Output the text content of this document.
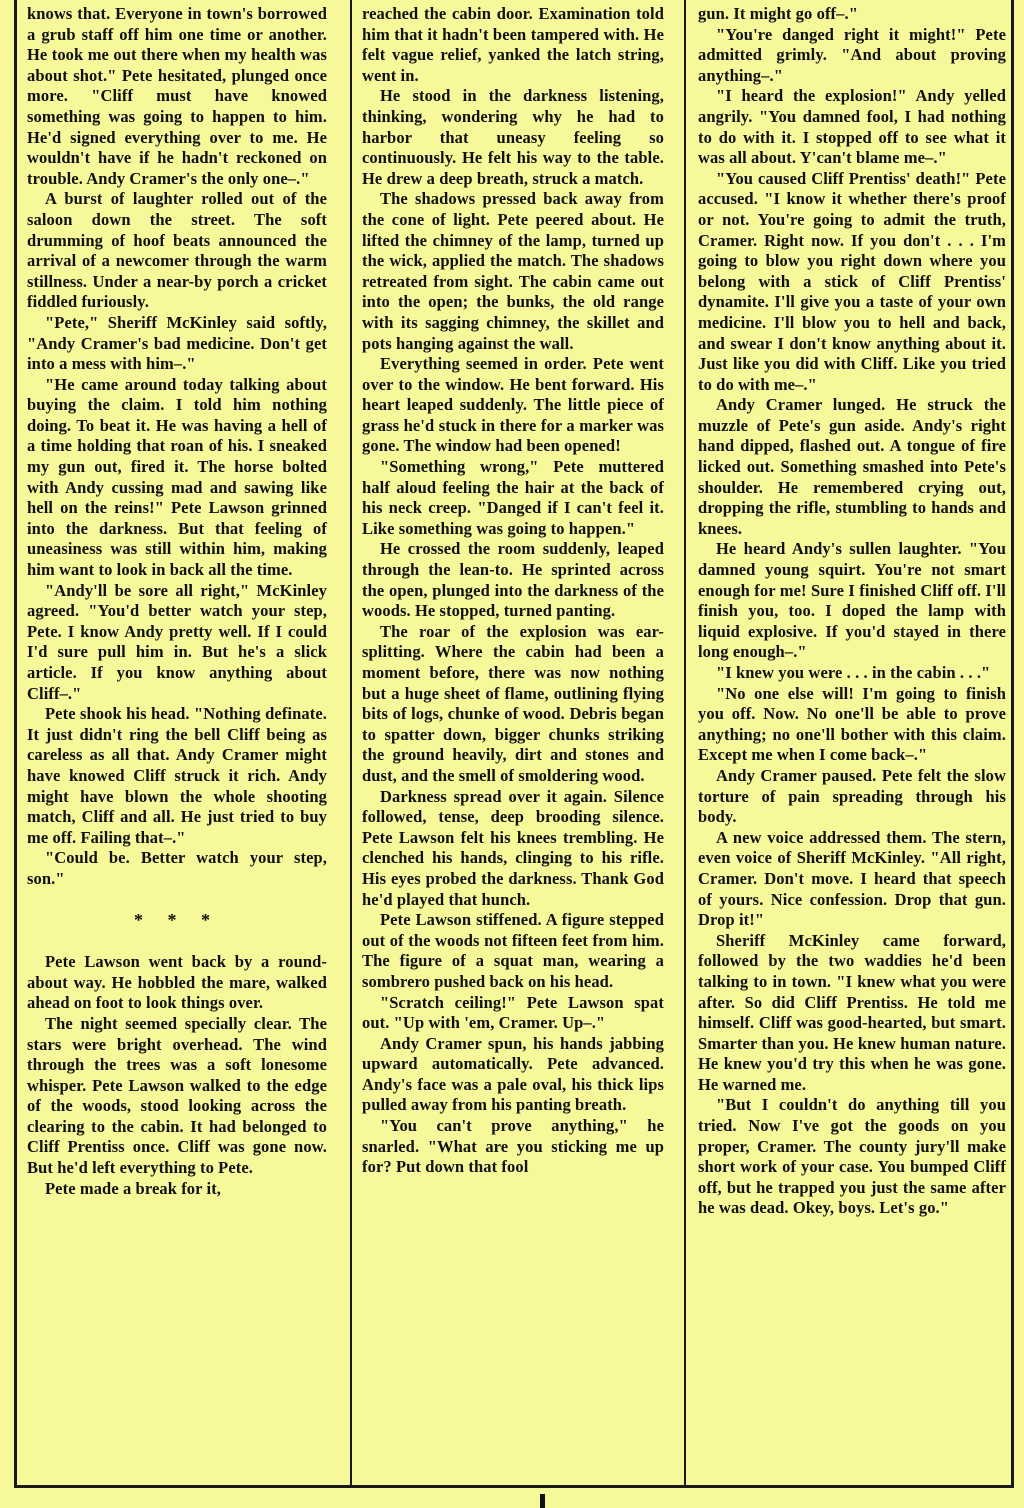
knows that. Everyone in town's borrowed a grub staff off him one time or another. He took me out there when my health was about shot." Pete hesitated, plunged once more. "Cliff must have knowed something was going to happen to him. He'd signed everything over to me. He wouldn't have if he hadn't reckoned on trouble. Andy Cramer's the only one–."

A burst of laughter rolled out of the saloon down the street. The soft drumming of hoof beats announced the arrival of a newcomer through the warm stillness. Under a near-by porch a cricket fiddled furiously.

"Pete," Sheriff McKinley said softly, "Andy Cramer's bad medicine. Don't get into a mess with him–."

"He came around today talking about buying the claim. I told him nothing doing. To beat it. He was having a hell of a time holding that roan of his. I sneaked my gun out, fired it. The horse bolted with Andy cussing mad and sawing like hell on the reins!" Pete Lawson grinned into the darkness. But that feeling of uneasiness was still within him, making him want to look in back all the time.

"Andy'll be sore all right," McKinley agreed. "You'd better watch your step, Pete. I know Andy pretty well. If I could I'd sure pull him in. But he's a slick article. If you know anything about Cliff–."

Pete shook his head. "Nothing definate. It just didn't ring the bell Cliff being as careless as all that. Andy Cramer might have knowed Cliff struck it rich. Andy might have blown the whole shooting match, Cliff and all. He just tried to buy me off. Failing that–."

"Could be. Better watch your step, son."

* * *

Pete Lawson went back by a round-about way. He hobbled the mare, walked ahead on foot to look things over.

The night seemed specially clear. The stars were bright overhead. The wind through the trees was a soft lonesome whisper. Pete Lawson walked to the edge of the woods, stood looking across the clearing to the cabin. It had belonged to Cliff Prentiss once. Cliff was gone now. But he'd left everything to Pete.

Pete made a break for it,

reached the cabin door. Examination told him that it hadn't been tampered with. He felt vague relief, yanked the latch string, went in.

He stood in the darkness listening, thinking, wondering why he had to harbor that uneasy feeling so continuously. He felt his way to the table. He drew a deep breath, struck a match.

The shadows pressed back away from the cone of light. Pete peered about. He lifted the chimney of the lamp, turned up the wick, applied the match. The shadows retreated from sight. The cabin came out into the open; the bunks, the old range with its sagging chimney, the skillet and pots hanging against the wall.

Everything seemed in order. Pete went over to the window. He bent forward. His heart leaped suddenly. The little piece of grass he'd stuck in there for a marker was gone. The window had been opened!

"Something wrong," Pete muttered half aloud feeling the hair at the back of his neck creep. "Danged if I can't feel it. Like something was going to happen."

He crossed the room suddenly, leaped through the lean-to. He sprinted across the open, plunged into the darkness of the woods. He stopped, turned panting.

The roar of the explosion was ear-splitting. Where the cabin had been a moment before, there was now nothing but a huge sheet of flame, outlining flying bits of logs, chunke of wood. Debris began to spatter down, bigger chunks striking the ground heavily, dirt and stones and dust, and the smell of smoldering wood.

Darkness spread over it again. Silence followed, tense, deep brooding silence. Pete Lawson felt his knees trembling. He clenched his hands, clinging to his rifle. His eyes probed the darkness. Thank God he'd played that hunch.

Pete Lawson stiffened. A figure stepped out of the woods not fifteen feet from him. The figure of a squat man, wearing a sombrero pushed back on his head.

"Scratch ceiling!" Pete Lawson spat out. "Up with 'em, Cramer. Up–."

Andy Cramer spun, his hands jabbing upward automatically. Pete advanced. Andy's face was a pale oval, his thick lips pulled away from his panting breath.

"You can't prove anything," he snarled. "What are you sticking me up for? Put down that fool

gun. It might go off–."

"You're danged right it might!" Pete admitted grimly. "And about proving anything–."

"I heard the explosion!" Andy yelled angrily. "You damned fool, I had nothing to do with it. I stopped off to see what it was all about. Y'can't blame me–."

"You caused Cliff Prentiss' death!" Pete accused. "I know it whether there's proof or not. You're going to admit the truth, Cramer. Right now. If you don't . . . I'm going to blow you right down where you belong with a stick of Cliff Prentiss' dynamite. I'll give you a taste of your own medicine. I'll blow you to hell and back, and swear I don't know anything about it. Just like you did with Cliff. Like you tried to do with me–."

Andy Cramer lunged. He struck the muzzle of Pete's gun aside. Andy's right hand dipped, flashed out. A tongue of fire licked out. Something smashed into Pete's shoulder. He remembered crying out, dropping the rifle, stumbling to hands and knees.

He heard Andy's sullen laughter. "You damned young squirt. You're not smart enough for me! Sure I finished Cliff off. I'll finish you, too. I doped the lamp with liquid explosive. If you'd stayed in there long enough–."

"I knew you were . . . in the cabin . . ."

"No one else will! I'm going to finish you off. Now. No one'll be able to prove anything; no one'll bother with this claim. Except me when I come back–."

Andy Cramer paused. Pete felt the slow torture of pain spreading through his body.

A new voice addressed them. The stern, even voice of Sheriff McKinley. "All right, Cramer. Don't move. I heard that speech of yours. Nice confession. Drop that gun. Drop it!"

Sheriff McKinley came forward, followed by the two waddies he'd been talking to in town. "I knew what you were after. So did Cliff Prentiss. He told me himself. Cliff was good-hearted, but smart. Smarter than you. He knew human nature. He knew you'd try this when he was gone. He warned me.

"But I couldn't do anything till you tried. Now I've got the goods on you proper, Cramer. The county jury'll make short work of your case. You bumped Cliff off, but he trapped you just the same after he was dead. Okey, boys. Let's go."
